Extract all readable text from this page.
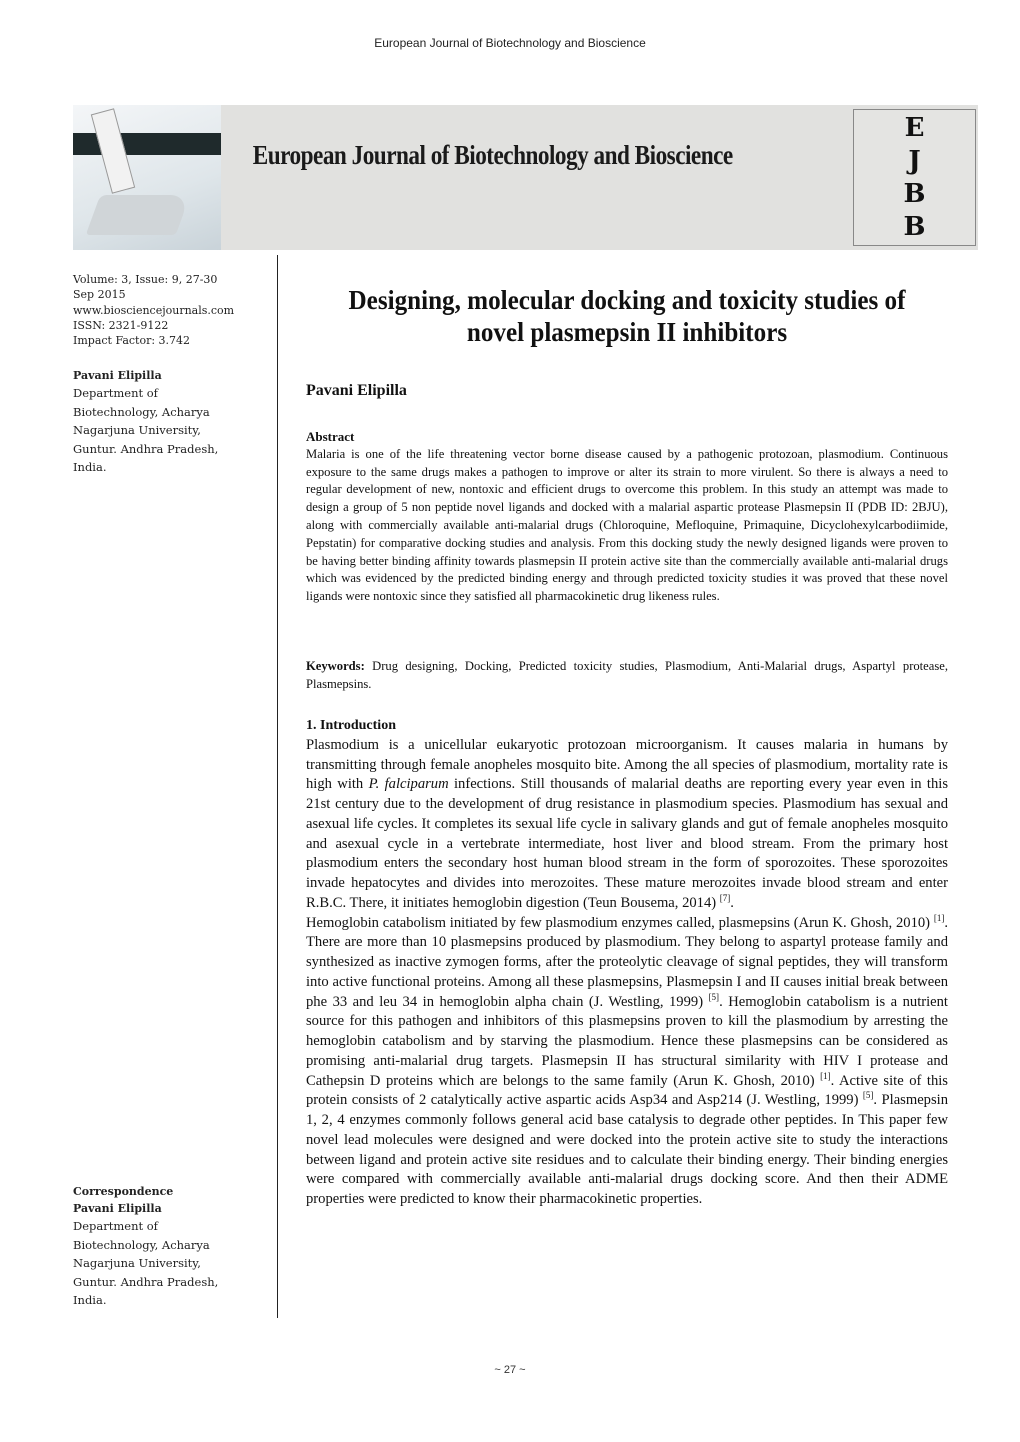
European Journal of Biotechnology and Bioscience
European Journal of Biotechnology and Bioscience
E
J
B
B
Volume: 3, Issue: 9, 27-30
Sep 2015
www.biosciencejournals.com
ISSN: 2321-9122
Impact Factor: 3.742
Pavani Elipilla
Department of
Biotechnology, Acharya
Nagarjuna University,
Guntur. Andhra Pradesh,
India.
Correspondence
Pavani Elipilla
Department of
Biotechnology, Acharya
Nagarjuna University,
Guntur. Andhra Pradesh,
India.
Designing, molecular docking and toxicity studies of
novel plasmepsin II inhibitors
Pavani Elipilla
Abstract
Malaria is one of the life threatening vector borne disease caused by a pathogenic protozoan, plasmodium. Continuous exposure to the same drugs makes a pathogen to improve or alter its strain to more virulent. So there is always a need to regular development of new, nontoxic and efficient drugs to overcome this problem. In this study an attempt was made to design a group of 5 non peptide novel ligands and docked with a malarial aspartic protease Plasmepsin II (PDB ID: 2BJU), along with commercially available anti-malarial drugs (Chloroquine, Mefloquine, Primaquine, Dicyclohexylcarbodiimide, Pepstatin) for comparative docking studies and analysis. From this docking study the newly designed ligands were proven to be having better binding affinity towards plasmepsin II protein active site than the commercially available anti-malarial drugs which was evidenced by the predicted binding energy and through predicted toxicity studies it was proved that these novel ligands were nontoxic since they satisfied all pharmacokinetic drug likeness rules.
Keywords: Drug designing, Docking, Predicted toxicity studies, Plasmodium, Anti-Malarial drugs, Aspartyl protease, Plasmepsins.
1. Introduction

Plasmodium is a unicellular eukaryotic protozoan microorganism. It causes malaria in humans by transmitting through female anopheles mosquito bite. Among the all species of plasmodium, mortality rate is high with P. falciparum infections. Still thousands of malarial deaths are reporting every year even in this 21st century due to the development of drug resistance in plasmodium species. Plasmodium has sexual and asexual life cycles. It completes its sexual life cycle in salivary glands and gut of female anopheles mosquito and asexual cycle in a vertebrate intermediate, host liver and blood stream. From the primary host plasmodium enters the secondary host human blood stream in the form of sporozoites. These sporozoites invade hepatocytes and divides into merozoites. These mature merozoites invade blood stream and enter R.B.C. There, it initiates hemoglobin digestion (Teun Bousema, 2014) [7].

Hemoglobin catabolism initiated by few plasmodium enzymes called, plasmepsins (Arun K. Ghosh, 2010) [1]. There are more than 10 plasmepsins produced by plasmodium. They belong to aspartyl protease family and synthesized as inactive zymogen forms, after the proteolytic cleavage of signal peptides, they will transform into active functional proteins. Among all these plasmepsins, Plasmepsin I and II causes initial break between phe 33 and leu 34 in hemoglobin alpha chain (J. Westling, 1999) [5]. Hemoglobin catabolism is a nutrient source for this pathogen and inhibitors of this plasmepsins proven to kill the plasmodium by arresting the hemoglobin catabolism and by starving the plasmodium. Hence these plasmepsins can be considered as promising anti-malarial drug targets. Plasmepsin II has structural similarity with HIV I protease and Cathepsin D proteins which are belongs to the same family (Arun K. Ghosh, 2010) [1]. Active site of this protein consists of 2 catalytically active aspartic acids Asp34 and Asp214 (J. Westling, 1999) [5]. Plasmepsin 1, 2, 4 enzymes commonly follows general acid base catalysis to degrade other peptides. In This paper few novel lead molecules were designed and were docked into the protein active site to study the interactions between ligand and protein active site residues and to calculate their binding energy. Their binding energies were compared with commercially available anti-malarial drugs docking score. And then their ADME properties were predicted to know their pharmacokinetic properties.

~ 27 ~
